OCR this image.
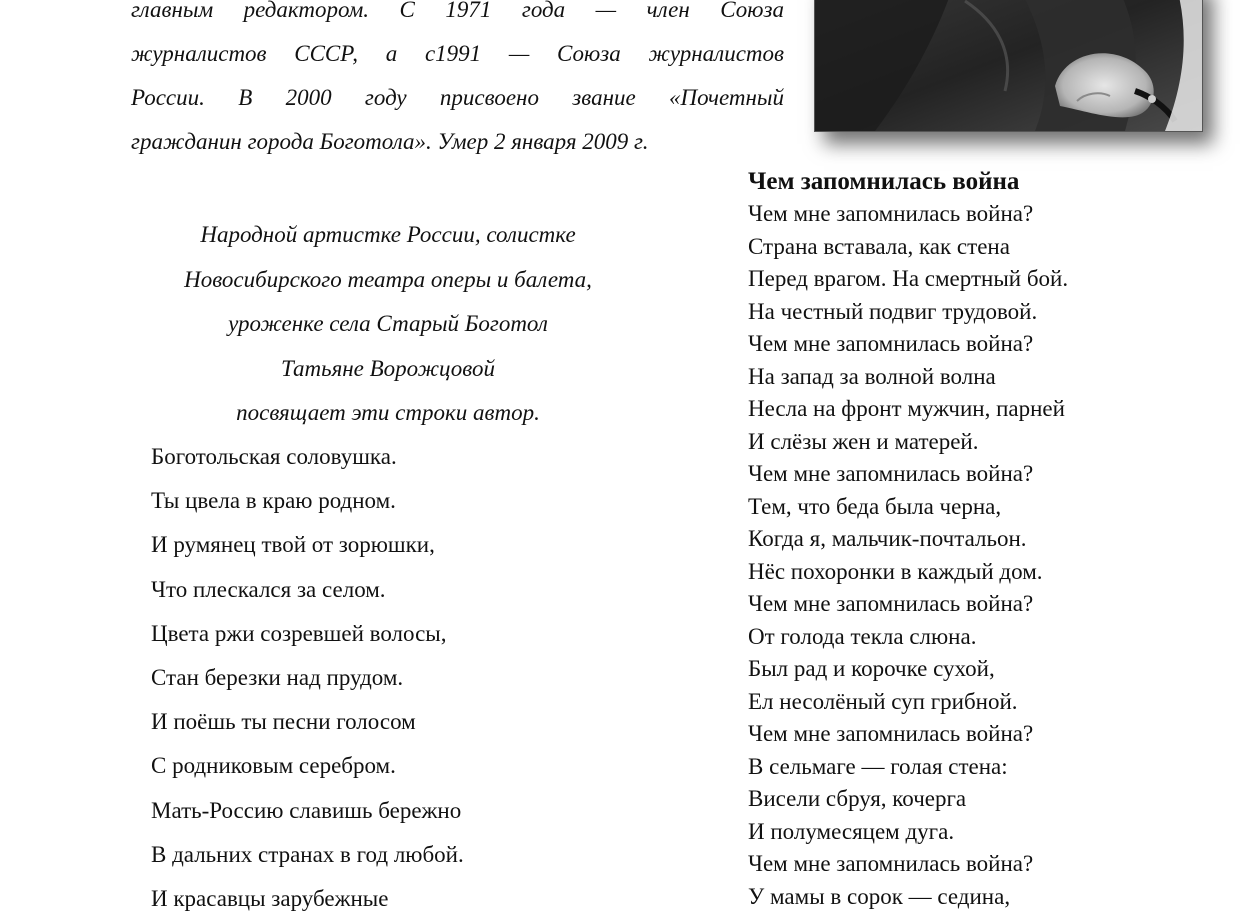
главным редактором. С 1971 года — член Союза
журналистов СССР, а с1991 — Союза журналистов
России. В 2000 году присвоено звание «Почетный
гражданин города Боготола». Умер 2 января 2009 г.
Народной артистке России, солистке
Новосибирского театра оперы и балета,
уроженке села Старый Боготол
Татьяне Ворожцовой
посвящает эти строки автор.
Боготольская соловушка.
Ты цвела в краю родном.
И румянец твой от зорюшки,
Что плескался за селом.
Цвета ржи созревшей волосы,
Стан березки над прудом.
И поёшь ты песни голосом
С родниковым серебром.
Мать-Россию славишь бережно
В дальних странах в год любой.
И красавцы зарубежные
Чем запомнилась война
Чем мне запомнилась война?
Страна вставала, как стена
Перед врагом. На смертный бой.
На честный подвиг трудовой.
Чем мне запомнилась война?
На запад за волной волна
Несла на фронт мужчин, парней
И слёзы жен и матерей.
Чем мне запомнилась война?
Тем, что беда была черна,
Когда я, мальчик-почтальон.
Нёс похоронки в каждый дом.
Чем мне запомнилась война?
От голода текла слюна.
Был рад и корочке сухой,
Ел несолёный суп грибной.
Чем мне запомнилась война?
В сельмаге — голая стена:
Висели сбруя, кочерга
И полумесяцем дуга.
Чем мне запомнилась война?
У мамы в сорок — седина,
